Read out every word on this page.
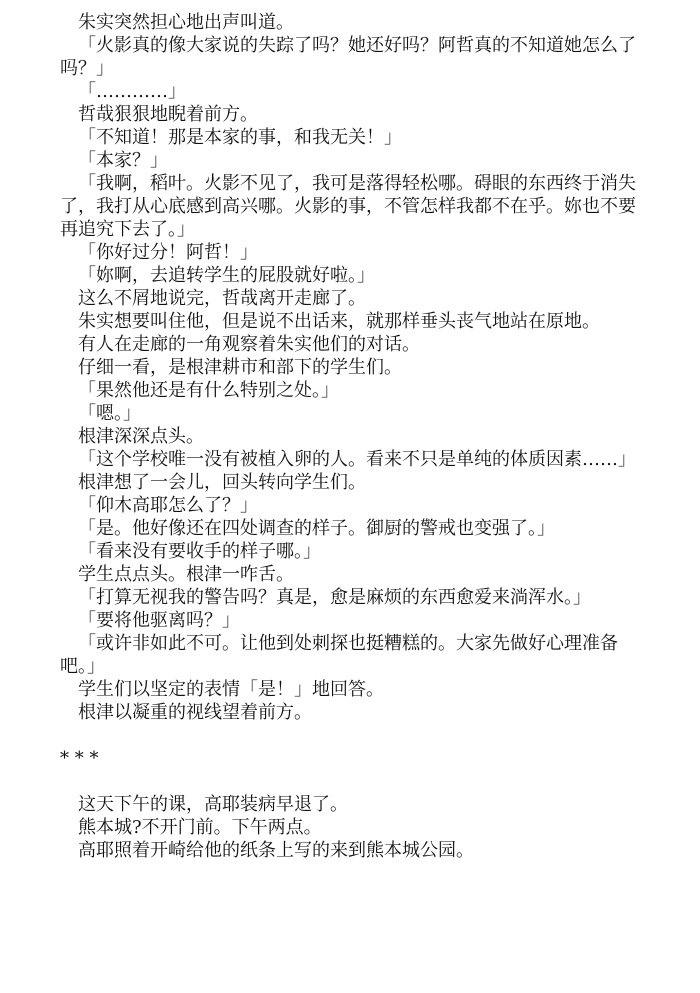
朱实突然担心地出声叫道。

「火影真的像大家说的失踪了吗？她还好吗？阿哲真的不知道她怎么了吗？」

「…………」

哲哉狠狠地睨着前方。

「不知道！那是本家的事，和我无关！」

「本家？」

「我啊，稻叶。火影不见了，我可是落得轻松哪。碍眼的东西终于消失了，我打从心底感到高兴哪。火影的事，不管怎样我都不在乎。妳也不要再追究下去了。」

「你好过分！阿哲！」

「妳啊，去追转学生的屁股就好啦。」

这么不屑地说完，哲哉离开走廊了。

朱实想要叫住他，但是说不出话来，就那样垂头丧气地站在原地。

有人在走廊的一角观察着朱实他们的对话。

仔细一看，是根津耕市和部下的学生们。

「果然他还是有什么特别之处。」

「嗯。」

根津深深点头。

「这个学校唯一没有被植入卵的人。看来不只是单纯的体质因素……」

根津想了一会儿，回头转向学生们。

「仰木高耶怎么了？」

「是。他好像还在四处调查的样子。御厨的警戒也变强了。」

「看来没有要收手的样子哪。」

学生点点头。根津一咋舌。

「打算无视我的警告吗？真是，愈是麻烦的东西愈爱来淌浑水。」

「要将他驱离吗？」

「或许非如此不可。让他到处刺探也挺糟糕的。大家先做好心理准备吧。」

学生们以坚定的表情「是！」地回答。

根津以凝重的视线望着前方。

* * *

这天下午的课，高耶装病早退了。

熊本城?不开门前。下午两点。

高耶照着开崎给他的纸条上写的来到熊本城公园。
